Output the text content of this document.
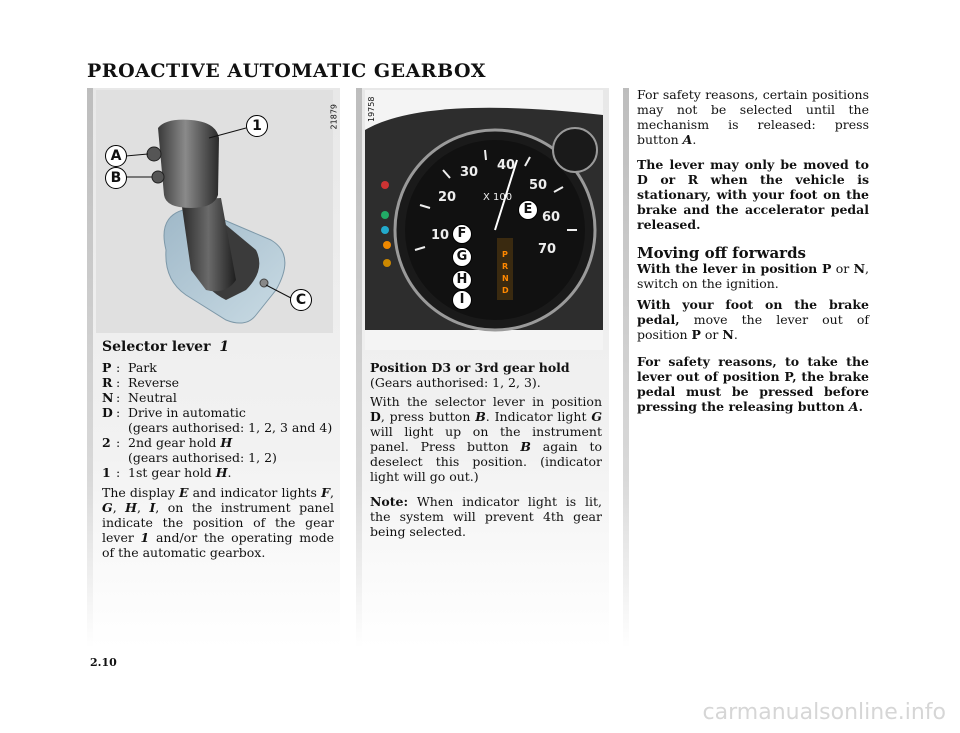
PROACTIVE AUTOMATIC GEARBOX
21879
1
A
B
C
19758
10
20
30 40
50
60
70
X 100
P
R
N
D
E
F
G
H
I

Selector lever 1

P : Park
R : Reverse
N : Neutral
D : Drive in automatic
(gears authorised: 1, 2, 3 and 4)
2 : 2nd gear hold H
(gears authorised: 1, 2)
1 : 1st gear hold H.

The display E and indicator lights F, G, H, I, on the instrument panel indicate the position of the gear lever 1 and/or the operating mode of the automatic gearbox.

Position D3 or 3rd gear hold

(Gears authorised: 1, 2, 3).

With the selector lever in position D, press button B. Indicator light G will light up on the instrument panel. Press button B again to deselect this position. (indicator light will go out.)

Note: When indicator light is lit, the system will prevent 4th gear being selected.

For safety reasons, certain positions may not be selected until the mechanism is released: press button A.

The lever may only be moved to D or R when the vehicle is stationary, with your foot on the brake and the accelerator pedal released.

Moving off forwards

With the lever in position P or N, switch on the ignition.

With your foot on the brake pedal, move the lever out of position P or N.

For safety reasons, to take the lever out of position P, the brake pedal must be pressed before pressing the releasing button A.

2.10
carmanualsonline.info
